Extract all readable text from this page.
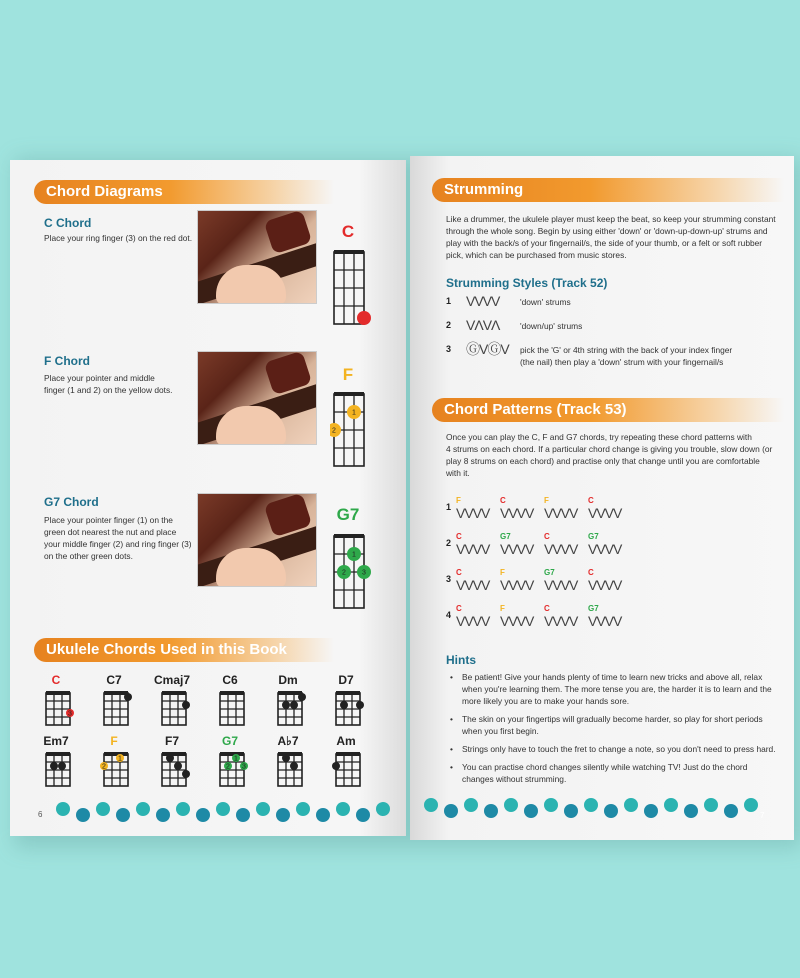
Chord Diagrams
C Chord
Place your ring finger (3) on the red dot.	C
F Chord
Place your pointer and middle
finger (1 and 2) on the yellow dots.
F
1
2
G7 Chord
Place your pointer finger (1) on the
green dot nearest the nut and place
your middle finger (2) and ring finger (3)
on the other green dots.
G7
1
2 3
Ukulele Chords Used in this Book
C
3
C7
1
Cmaj7
2
C6	Dm
2 3
1
D7
2 3
Em7
2 3
F
2
1
F7
1
2
3
G7
2
1
3
A♭7
1
2
Am
2
6
Strumming
Like a drummer, the ukulele player must keep the beat, so keep your strumming constant
through the whole song. Begin by using either 'down' or 'down-up-down-up' strums and
play with the back/s of your fingernail/s, the side of your thumb, or a felt or soft rubber
pick, which can be purchased from music stores.
Strumming Styles (Track 52)
1 VVVV 'down' strums
2 VΛVΛ 'down/up' strums
3 ⒼVⒼV pick the 'G' or 4th string with the back of your index finger
(the nail) then play a 'down' strum with your fingernail/s
Chord Patterns (Track 53)
Once you can play the C, F and G7 chords, try repeating these chord patterns with
4 strums on each chord. If a particular chord change is giving you trouble, slow down (or
play 8 strums on each chord) and practise only that change until you are comfortable
with it.
1
F
VVVV
C
VVVV
F
VVVV
C
VVVV
2
C
VVVV
G7
VVVV
C
VVVV
G7
VVVV
3
C
VVVV
F
VVVV
G7
VVVV
C
VVVV
4
C
VVVV
F
VVVV
C
VVVV
G7
VVVV
Hints
• Be patient! Give your hands plenty of time to learn new tricks and above all, relax
when you're learning them. The more tense you are, the harder it is to learn and the
more likely you are to make your hands sore.
• The skin on your fingertips will gradually become harder, so play for short periods
when you first begin.
• Strings only have to touch the fret to change a note, so you don't need to press hard.
• You can practise chord changes silently while watching TV! Just do the chord
changes without strumming.
7
